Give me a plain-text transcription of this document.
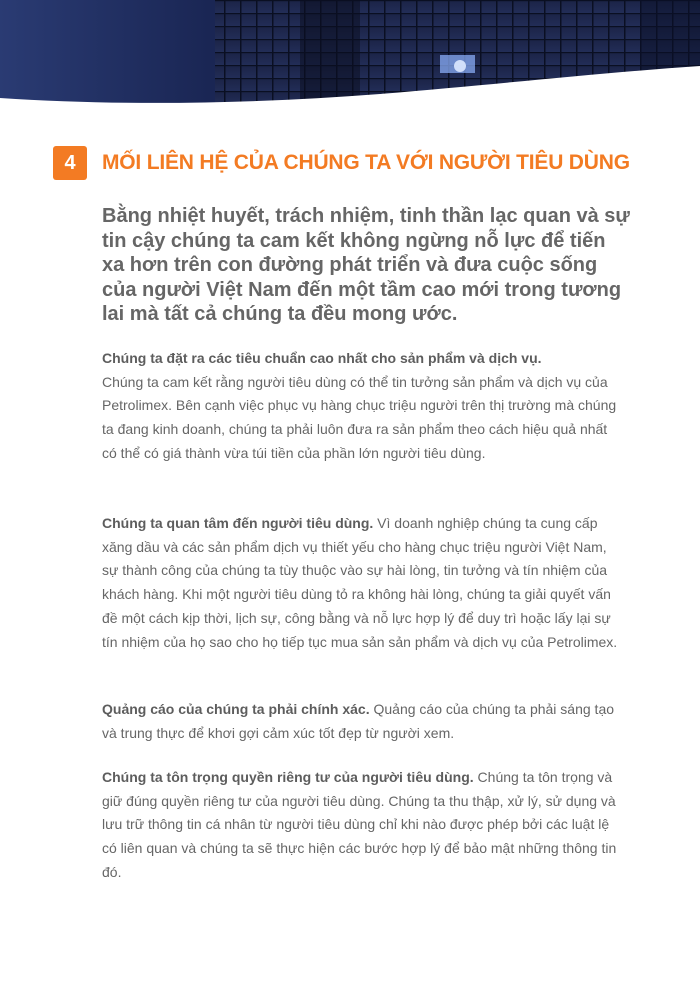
4	MỐI LIÊN HỆ CỦA CHÚNG TA VỚI NGƯỜI TIÊU DÙNG
Bằng nhiệt huyết, trách nhiệm, tinh thần lạc quan và sự tin cậy chúng ta cam kết không ngừng nỗ lực để tiến xa hơn trên con đường phát triển và đưa cuộc sống của người Việt Nam đến một tầm cao mới trong tương lai mà tất cả chúng ta đều mong ước.
Chúng ta đặt ra các tiêu chuẩn cao nhất cho sản phẩm và dịch vụ.
Chúng ta cam kết rằng người tiêu dùng có thể tin tưởng sản phẩm và dịch vụ của Petrolimex. Bên cạnh việc phục vụ hàng chục triệu người trên thị trường mà chúng ta đang kinh doanh, chúng ta phải luôn đưa ra sản phẩm theo cách hiệu quả nhất có thể có giá thành vừa túi tiền của phần lớn người tiêu dùng.
Chúng ta quan tâm đến người tiêu dùng. Vì doanh nghiệp chúng ta cung cấp xăng dầu và các sản phẩm dịch vụ thiết yếu cho hàng chục triệu người Việt Nam, sự thành công của chúng ta tùy thuộc vào sự hài lòng, tin tưởng và tín nhiệm của khách hàng. Khi một người tiêu dùng tỏ ra không hài lòng, chúng ta giải quyết vấn đề một cách kịp thời, lịch sự, công bằng và nỗ lực hợp lý để duy trì hoặc lấy lại sự tín nhiệm của họ sao cho họ tiếp tục mua sản sản phẩm và dịch vụ của Petrolimex.
Quảng cáo của chúng ta phải chính xác. Quảng cáo của chúng ta phải sáng tạo và trung thực để khơi gợi cảm xúc tốt đẹp từ người xem.
Chúng ta tôn trọng quyền riêng tư của người tiêu dùng. Chúng ta tôn trọng và giữ đúng quyền riêng tư của người tiêu dùng. Chúng ta thu thập, xử lý, sử dụng và lưu trữ thông tin cá nhân từ người tiêu dùng chỉ khi nào được phép bởi các luật lệ có liên quan và chúng ta sẽ thực hiện các bước hợp lý để bảo mật những thông tin đó.
